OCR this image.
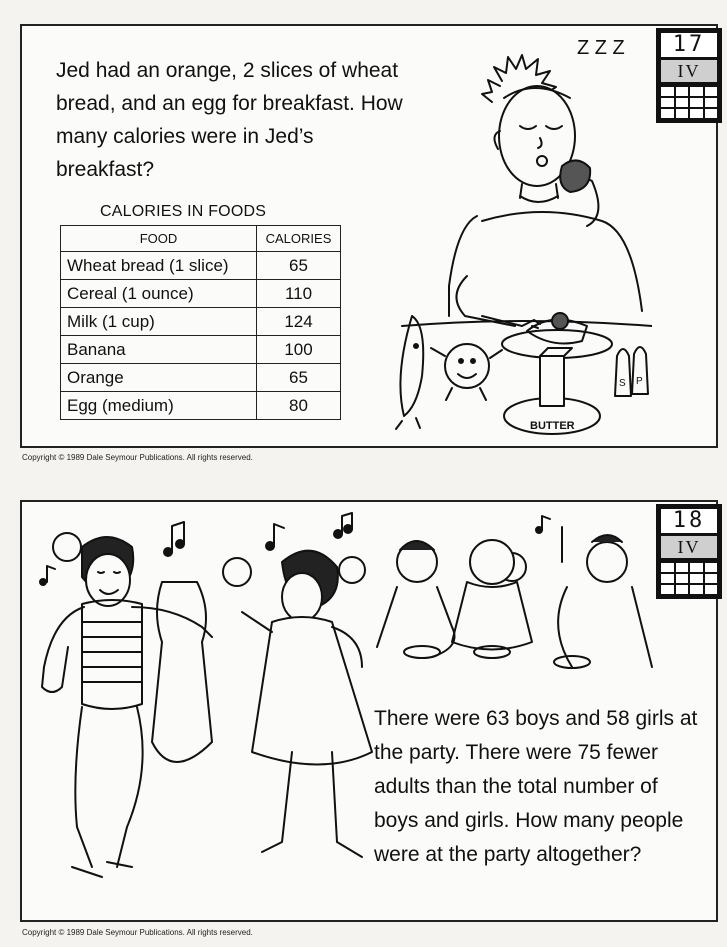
Jed had an orange, 2 slices of wheat bread, and an egg for breakfast. How many calories were in Jed’s breakfast?
CALORIES IN FOODS
FOOD	CALORIES
Wheat bread (1 slice)	65
Cereal (1 ounce)	110
Milk (1 cup)	124
Banana	100
Orange	65
Egg (medium)	80
Z Z Z
BUTTER
S P
17
IV
Copyright © 1989 Dale Seymour Publications. All rights reserved.
There were 63 boys and 58 girls at the party. There were 75 fewer adults than the total number of boys and girls. How many people were at the party altogether?
18
IV
Copyright © 1989 Dale Seymour Publications. All rights reserved.
